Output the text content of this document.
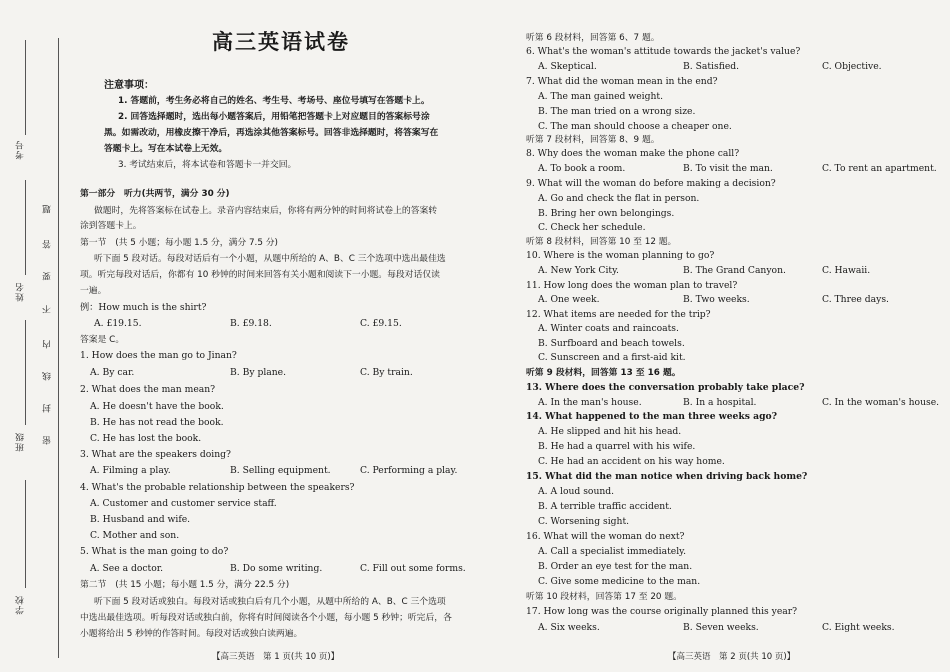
考号
姓名
班级
学校
题
答
要
不
内
线
封
密
高三英语试卷
注意事项：
1. 答题前，考生务必将自己的姓名、考生号、考场号、座位号填写在答题卡上。
2. 回答选择题时，选出每小题答案后，用铅笔把答题卡上对应题目的答案标号涂
黑。如需改动，用橡皮擦干净后，再选涂其他答案标号。回答非选择题时，将答案写在
答题卡上。写在本试卷上无效。
3. 考试结束后，将本试卷和答题卡一并交回。
第一部分　听力(共两节，满分 30 分)
做题时，先将答案标在试卷上。录音内容结束后，你将有两分钟的时间将试卷上的答案转
涂到答题卡上。
第一节　(共 5 小题；每小题 1.5 分，满分 7.5 分)
听下面 5 段对话。每段对话后有一个小题，从题中所给的 A、B、C 三个选项中选出最佳选
项。听完每段对话后，你都有 10 秒钟的时间来回答有关小题和阅读下一小题。每段对话仅读
一遍。
例：How much is the shirt?
A. £19.15.	B. £9.18.	C. £9.15.
答案是 C。
1. How does the man go to Jinan?
A. By car.	B. By plane.	C. By train.
2. What does the man mean?
A. He doesn't have the book.
B. He has not read the book.
C. He has lost the book.
3. What are the speakers doing?
A. Filming a play.	B. Selling equipment.	C. Performing a play.
4. What's the probable relationship between the speakers?
A. Customer and customer service staff.
B. Husband and wife.
C. Mother and son.
5. What is the man going to do?
A. See a doctor.	B. Do some writing.	C. Fill out some forms.
第二节　(共 15 小题；每小题 1.5 分，满分 22.5 分)
听下面 5 段对话或独白。每段对话或独白后有几个小题，从题中所给的 A、B、C 三个选项
中选出最佳选项。听每段对话或独白前，你将有时间阅读各个小题，每小题 5 秒钟；听完后，各
小题将给出 5 秒钟的作答时间。每段对话或独白读两遍。
【高三英语　第 1 页(共 10 页)】
听第 6 段材料，回答第 6、7 题。
6. What's the woman's attitude towards the jacket's value?
A. Skeptical.	B. Satisfied.	C. Objective.
7. What did the woman mean in the end?
A. The man gained weight.
B. The man tried on a wrong size.
C. The man should choose a cheaper one.
听第 7 段材料，回答第 8、9 题。
8. Why does the woman make the phone call?
A. To book a room.	B. To visit the man.	C. To rent an apartment.
9. What will the woman do before making a decision?
A. Go and check the flat in person.
B. Bring her own belongings.
C. Check her schedule.
听第 8 段材料，回答第 10 至 12 题。
10. Where is the woman planning to go?
A. New York City.	B. The Grand Canyon.	C. Hawaii.
11. How long does the woman plan to travel?
A. One week.	B. Two weeks.	C. Three days.
12. What items are needed for the trip?
A. Winter coats and raincoats.
B. Surfboard and beach towels.
C. Sunscreen and a first-aid kit.
听第 9 段材料，回答第 13 至 16 题。
13. Where does the conversation probably take place?
A. In the man's house.	B. In a hospital.	C. In the woman's house.
14. What happened to the man three weeks ago?
A. He slipped and hit his head.
B. He had a quarrel with his wife.
C. He had an accident on his way home.
15. What did the man notice when driving back home?
A. A loud sound.
B. A terrible traffic accident.
C. Worsening sight.
16. What will the woman do next?
A. Call a specialist immediately.
B. Order an eye test for the man.
C. Give some medicine to the man.
听第 10 段材料，回答第 17 至 20 题。
17. How long was the course originally planned this year?
A. Six weeks.	B. Seven weeks.	C. Eight weeks.
【高三英语　第 2 页(共 10 页)】
